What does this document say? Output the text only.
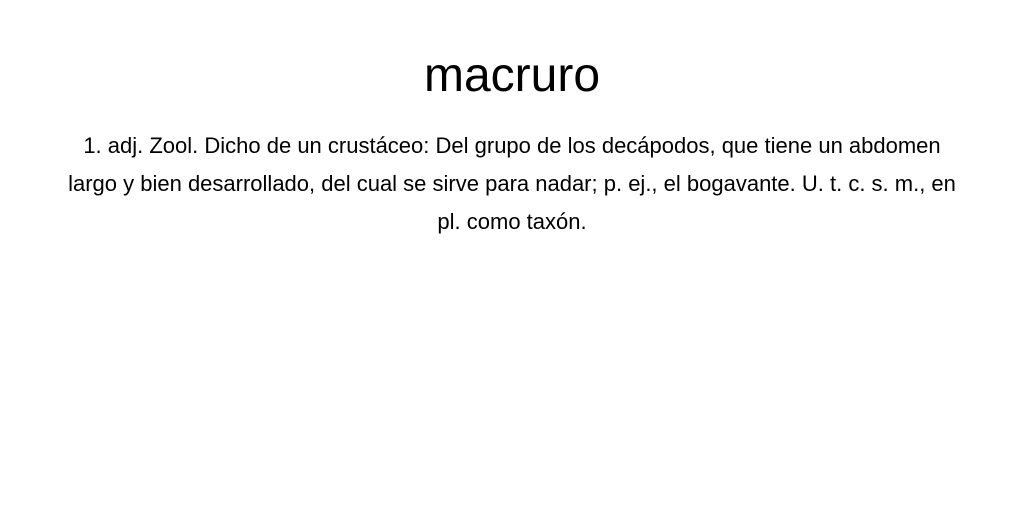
macruro

1. adj. Zool. Dicho de un crustáceo: Del grupo de los decápodos, que tiene un abdomen largo y bien desarrollado, del cual se sirve para nadar; p. ej., el bogavante. U. t. c. s. m., en pl. como taxón.
